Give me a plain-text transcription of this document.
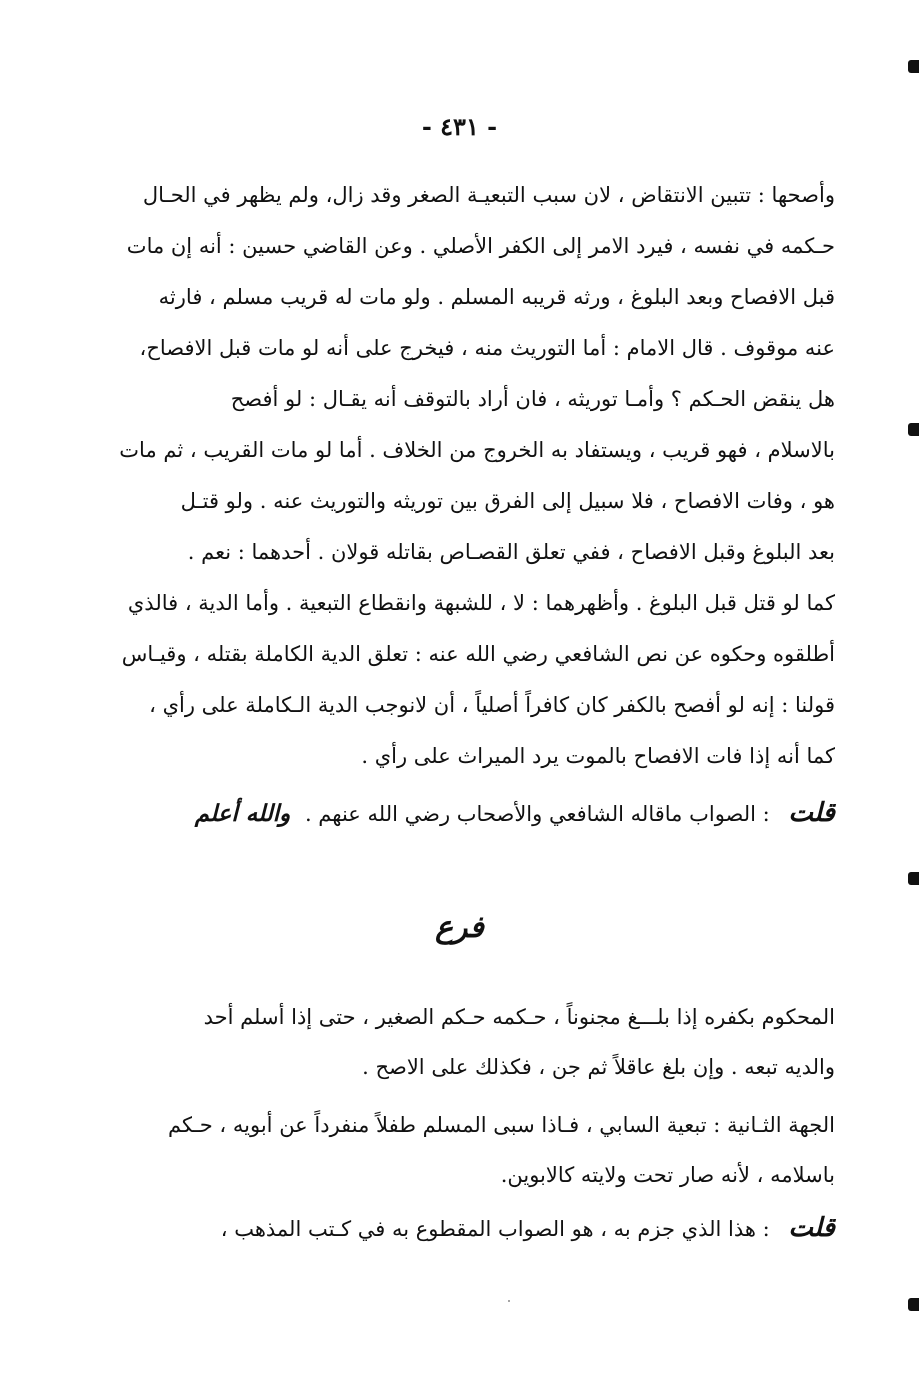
- ٤٣١ -

وأصحها : تتبين الانتقاض ، لان سبب التبعيـة الصغر وقد زال، ولم يظهر في الحـال

حـكمه في نفسه ، فيرد الامر إلى الكفر الأصلي . وعن القاضي حسين : أنه إن مات

قبل الافصاح وبعد البلوغ ، ورثه قريبه المسلم . ولو مات له قريب مسلم ، فارثه

عنه موقوف . قال الامام : أما التوريث منه ، فيخرج على أنه لو مات قبل الافصاح،

هل ينقض الحـكم ؟ وأمـا توريثه ، فان أراد بالتوقف أنه يقـال : لو أفصح

بالاسلام ، فهو قريب ، ويستفاد به الخروج من الخلاف . أما لو مات القريب ، ثم مات

هو ، وفات الافصاح ، فلا سبيل إلى الفرق بين توريثه والتوريث عنه . ولو قتـل

بعد البلوغ وقبل الافصاح ، ففي تعلق القصـاص بقاتله قولان . أحدهما : نعم .

كما لو قتل قبل البلوغ . وأظهرهما : لا ، للشبهة وانقطاع التبعية . وأما الدية ، فالذي

أطلقوه وحكوه عن نص الشافعي رضي الله عنه : تعلق الدية الكاملة بقتله ، وقيـاس

قولنا : إنه لو أفصح بالكفر كان كافراً أصلياً ، أن لانوجب الدية الـكاملة على رأي ،

كما أنه إذا فات الافصاح بالموت يرد الميراث على رأي .

قلت : الصواب ماقاله الشافعي والأصحاب رضي الله عنهم . والله أعلم
فرع

المحكوم بكفره إذا بلـــغ مجنوناً ، حـكمه حـكم الصغير ، حتى إذا أسلم أحد

والديه تبعه . وإن بلغ عاقلاً ثم جن ، فكذلك على الاصح .

الجهة الثـانية : تبعية السابي ، فـاذا سبى المسلم طفلاً منفرداً عن أبويه ، حـكم

باسلامه ، لأنه صار تحت ولايته كالابوين.

قلت : هذا الذي جزم به ، هو الصواب المقطوع به في كـتب المذهب ،
